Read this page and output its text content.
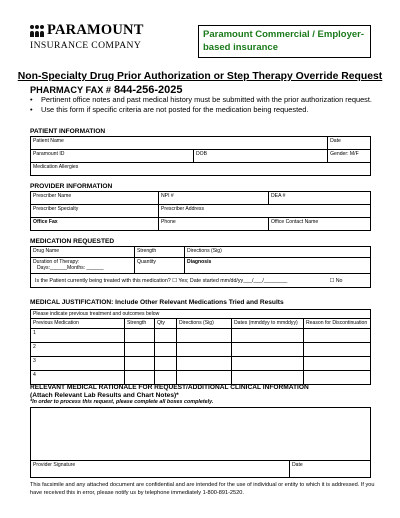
PARAMOUNT
INSURANCE COMPANY
Paramount Commercial / Employer-
based insurance
Non-Specialty Drug Prior Authorization or Step Therapy Override Request
PHARMACY FAX # 844-256-2025
• Pertinent office notes and past medical history must be submitted with the prior authorization request.
• Use this form if specific criteria are not posted for the medication being requested.
PATIENT INFORMATION
Patient Name		Date
Paramount ID	DOB	Gender: M/F
Medication Allergies		
PROVIDER INFORMATION
Prescriber Name	NPI #	DEA #
Prescriber Specialty	Prescriber Address	
Office Fax	Phone	Office Contact Name
MEDICATION REQUESTED
Drug Name	Strength	Directions (Sig)

Duration of Therapy:
Days:______Months: ______	Quantity	Diagnosis
Is the Patient currently being treated with this medication? ☐ Yes; Date started mm/dd/yy___/___/________ ☐ No		
MEDICAL JUSTIFICATION: Include Other Relevant Medications Tried and Results
Please indicate previous treatment and outcomes below					
Previous Medication	Strength	Qty	Directions (Sig)	Dates (mmddyy to mmddyy)	Reason for Discontinuation
1					
2					
3					
4					
RELEVANT MEDICAL RATIONALE FOR REQUEST/ADDITIONAL CLINICAL INFORMATION
(Attach Relevant Lab Results and Chart Notes)*
*In order to process this request, please complete all boxes completely.

Provider Signature	Date
This facsimile and any attached document are confidential and are intended for the use of individual or entity to which it is addressed. If you have received this in error, please notify us by telephone immediately 1-800-891-2520.
